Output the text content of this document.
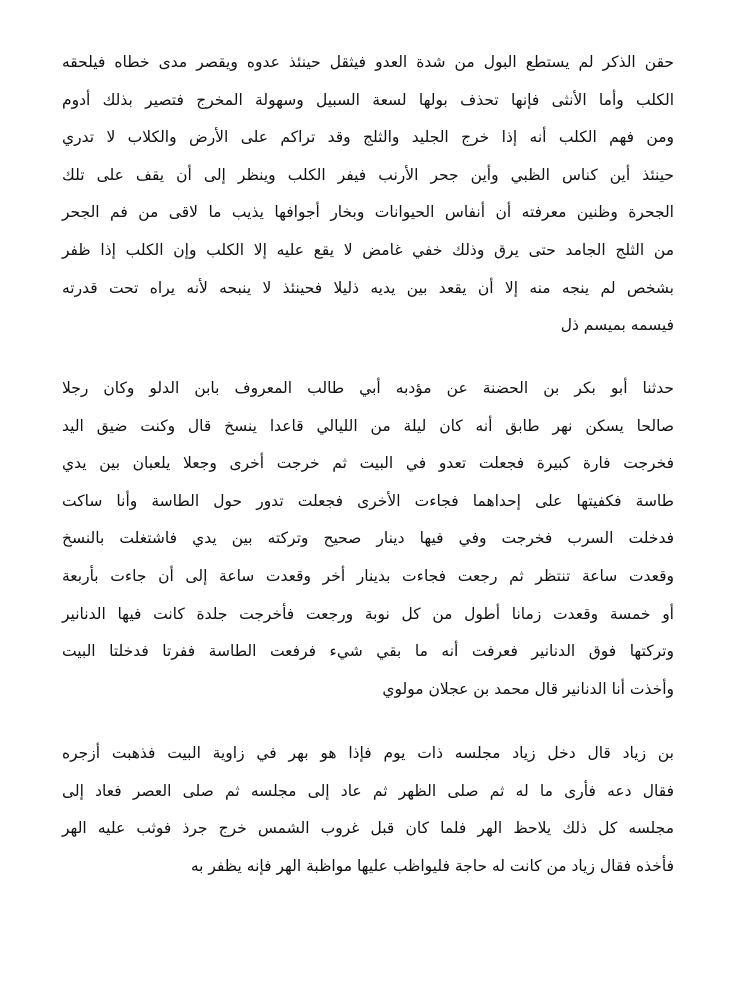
حقن الذكر لم يستطع البول من شدة العدو فيثقل حينئذ عدوه ويقصر مدى خطاه فيلحقه
الكلب وأما الأنثى فإنها تحذف بولها لسعة السبيل وسهولة المخرج فتصير بذلك أدوم
ومن فهم الكلب أنه إذا خرج الجليد والثلج وقد تراكم على الأرض والكلاب لا تدري
حينئذ أين كناس الظبي وأين جحر الأرنب فيفر الكلب وينظر إلى أن يقف على تلك
الجحرة وظنين معرفته أن أنفاس الحيوانات وبخار أجوافها يذيب ما لاقى من فم الجحر
من الثلج الجامد حتى يرق وذلك خفي غامض لا يقع عليه إلا الكلب وإن الكلب إذا ظفر
بشخص لم ينجه منه إلا أن يقعد بين يديه ذليلا فحينئذ لا ينبحه لأنه يراه تحت قدرته
فيسمه بميسم ذل
حدثنا أبو بكر بن الحضنة عن مؤدبه أبي طالب المعروف بابن الدلو وكان رجلا
صالحا يسكن نهر طابق أنه كان ليلة من الليالي قاعدا ينسخ قال وكنت ضيق اليد
فخرجت فارة كبيرة فجعلت تعدو في البيت ثم خرجت أخرى وجعلا يلعبان بين يدي
طاسة فكفيتها على إحداهما فجاءت الأخرى فجعلت تدور حول الطاسة وأنا ساكت
فدخلت السرب فخرجت وفي فيها دينار صحيح وتركته بين يدي فاشتغلت بالنسخ
وقعدت ساعة تنتظر ثم رجعت فجاءت بدينار أخر وقعدت ساعة إلى أن جاءت بأربعة
أو خمسة وقعدت زمانا أطول من كل نوبة ورجعت فأخرجت جلدة كانت فيها الدنانير
وتركتها فوق الدنانير فعرفت أنه ما بقي شيء فرفعت الطاسة ففرتا فدخلتا البيت
وأخذت أنا الدنانير قال محمد بن عجلان مولوي
بن زياد قال دخل زياد مجلسه ذات يوم فإذا هو بهر في زاوية البيت فذهبت أزجره
فقال دعه فأرى ما له ثم صلى الظهر ثم عاد إلى مجلسه ثم صلى العصر فعاد إلى
مجلسه كل ذلك يلاحظ الهر فلما كان قبل غروب الشمس خرج جرذ فوثب عليه الهر
فأخذه فقال زياد من كانت له حاجة فليواظب عليها مواظبة الهر فإنه يظفر به
